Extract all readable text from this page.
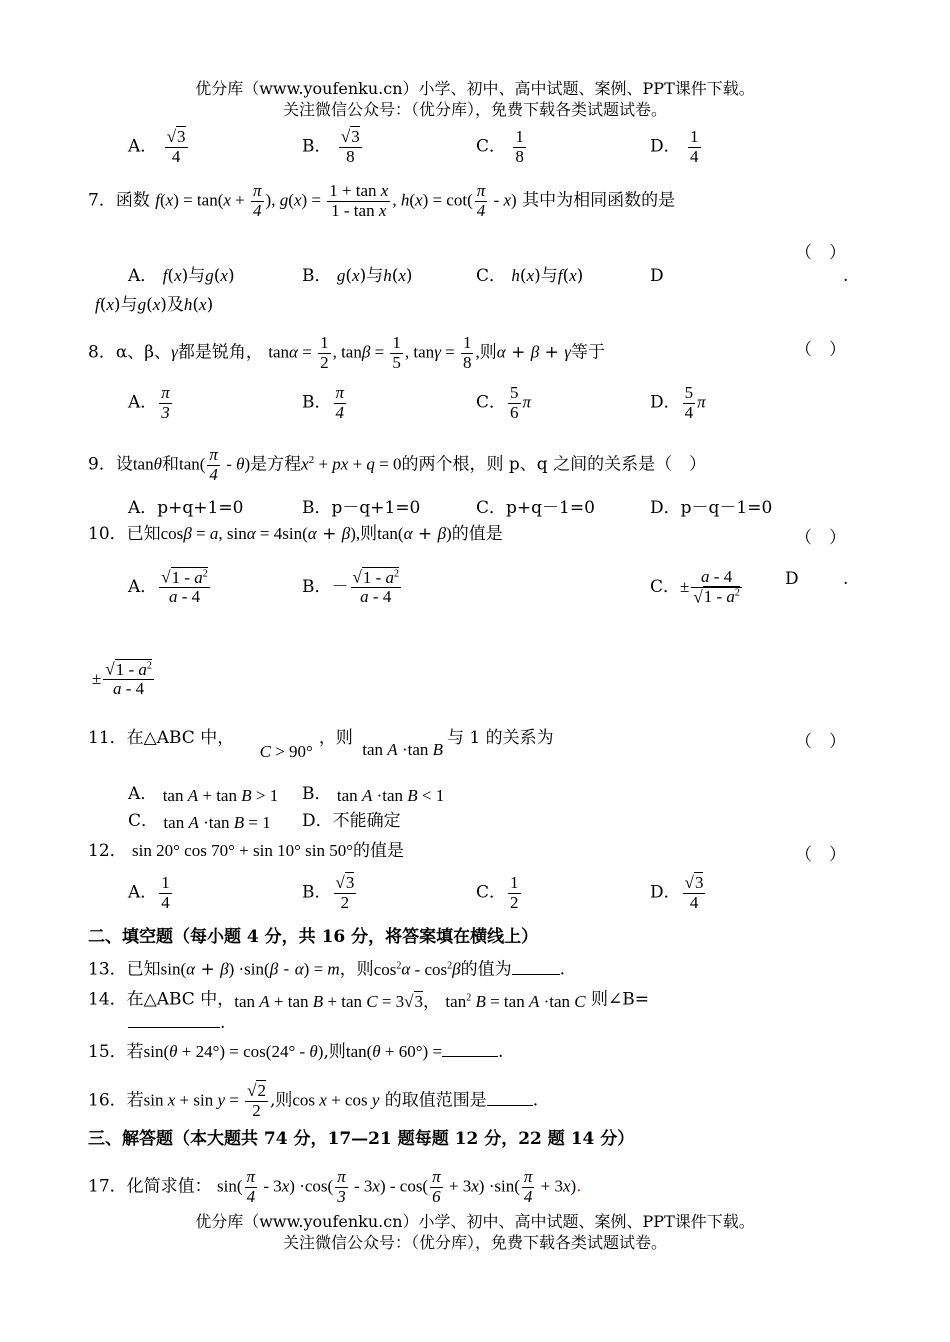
优分库（www.youfenku.cn）小学、初中、高中试题、案例、PPT课件下载。
关注微信公众号：（优分库），免费下载各类试题试卷。
A． $\frac{√3}{4}$	B． $\frac{√3}{8}$	C． $\frac{1}{8}$	D． $\frac{1}{4}$
7．函数 $f(x) = \tan(x + \frac{\pi}{4}$ ), $g(x) = \frac{\text{1 + tan x}}{\text{1 - tan x}}$ , $h(x) = \cot( \frac{\pi}{4} - x)$ 其中为相同函数的是
（　）
A． f(x)与g(x)	B． g(x)与h(x)	C． h(x)与f(x)	D	.
f(x)与g(x)及h(x)
8．α、β、γ都是锐角， $\tan\alpha = \frac{1}{2}$ , $\tan\beta = \frac{1}{5}$ , $\tan\gamma = \frac{1}{8}$ ,则α + β + γ等于	（　）
A． $\frac{\pi}{3}$	B． $\frac{\pi}{4}$	C． $\frac{5}{6}$ π	D． $\frac{5}{4}$ π
9．设tanθ和$\tan( \frac{\pi}{4} - \theta)$是方程$x^2$ + px + q = 0的两个根，则 p、q 之间的关系是（　）
A．p+q+1=0	B．p－q+1=0	C．p+q－1=0	D．p－q－1=0
10．已知cosβ = a, sinα = 4sin(α + β),则tan(α + β)的值是	（　）
A． $\frac{√1 - a^2}{a - 4}$	B．－ $\frac{√1 - a^2}{a - 4}$	C．± $\frac{a - 4}{√1 - a^2}$	D	.
± $\frac{√1 - a^2}{a - 4}$
11．在△ABC 中， C > 90°，则 tan A ·tan B与 1 的关系为	（　）
A． tan A + tan B > 1 B． tan A ·tan B < 1
C． tan A ·tan B = 1 D．不能确定
12． sin 20° cos 70° + sin 10° sin 50°的值是	（　）
A． $\frac{1}{4}$	B． $\frac{√3}{2}$	C． $\frac{1}{2}$	D． $\frac{√3}{4}$
二、填空题（每小题 4 分，共 16 分，将答案填在横线上）
13．已知sin(α + β) ·sin(β - α) = m，则$\cos^2\alpha - \cos^2\beta$的值为	.
14．在△ABC 中，tan A + tan B + tan C = 3√3， $\tan^2 B = \tan A \cdot\tan$ C 则∠B=
.
15．若sin(θ + 24°) = cos(24° - θ),则tan(θ + 60°) =	.
16．若$\sin x + \sin y = \frac{√2}{2}$ ,则cos x + cos y 的取值范围是	.
三、解答题（本大题共 74 分，17—21 题每题 12 分，22 题 14 分）
17．化简求值： $\sin( \frac{\pi}{4} - 3x) \cdot\cos( \frac{\pi}{3} - 3x) - \cos( \frac{\pi}{6} + 3x) \cdot\sin( \frac{\pi}{4} + 3x)$.
优分库（www.youfenku.cn）小学、初中、高中试题、案例、PPT课件下载。
关注微信公众号：（优分库），免费下载各类试题试卷。
